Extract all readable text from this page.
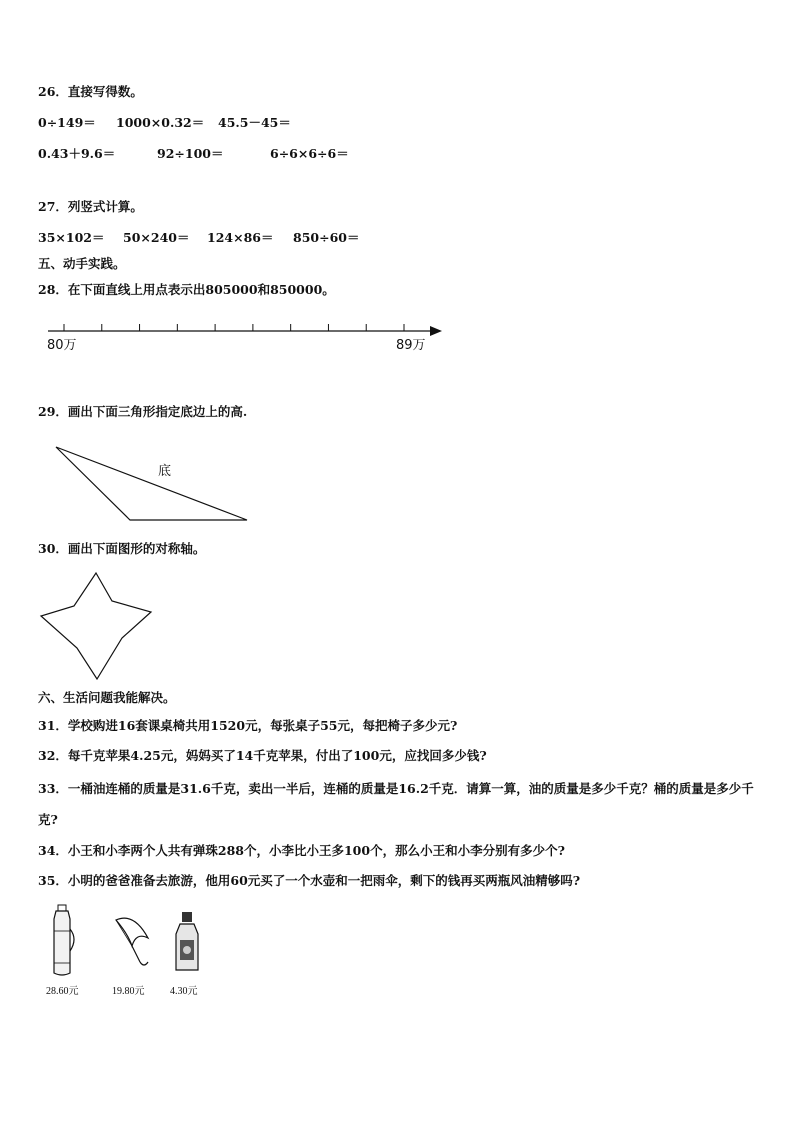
26．直接写得数。
0÷149＝ 1000×0.32＝ 45.5－45＝
0.43＋9.6＝	92÷100＝	6÷6×6÷6＝
27．列竖式计算。
35×102＝ 50×240＝ 124×86＝ 850÷60＝
五、动手实践。
28．在下面直线上用点表示出805000和850000。
80万	89万
29．画出下面三角形指定底边上的高.
底
30．画出下面图形的对称轴。
六、生活问题我能解决。
31．学校购进16套课桌椅共用1520元，每张桌子55元，每把椅子多少元?
32．每千克苹果4.25元，妈妈买了14千克苹果，付出了100元，应找回多少钱?
33．一桶油连桶的质量是31.6千克，卖出一半后，连桶的质量是16.2千克．请算一算，油的质量是多少千克？桶的质量是多少千克?
34．小王和小李两个人共有弹珠288个，小李比小王多100个，那么小王和小李分别有多少个?
35．小明的爸爸准备去旅游，他用60元买了一个水壶和一把雨伞，剩下的钱再买两瓶风油精够吗?
28.60元	19.80元	4.30元
